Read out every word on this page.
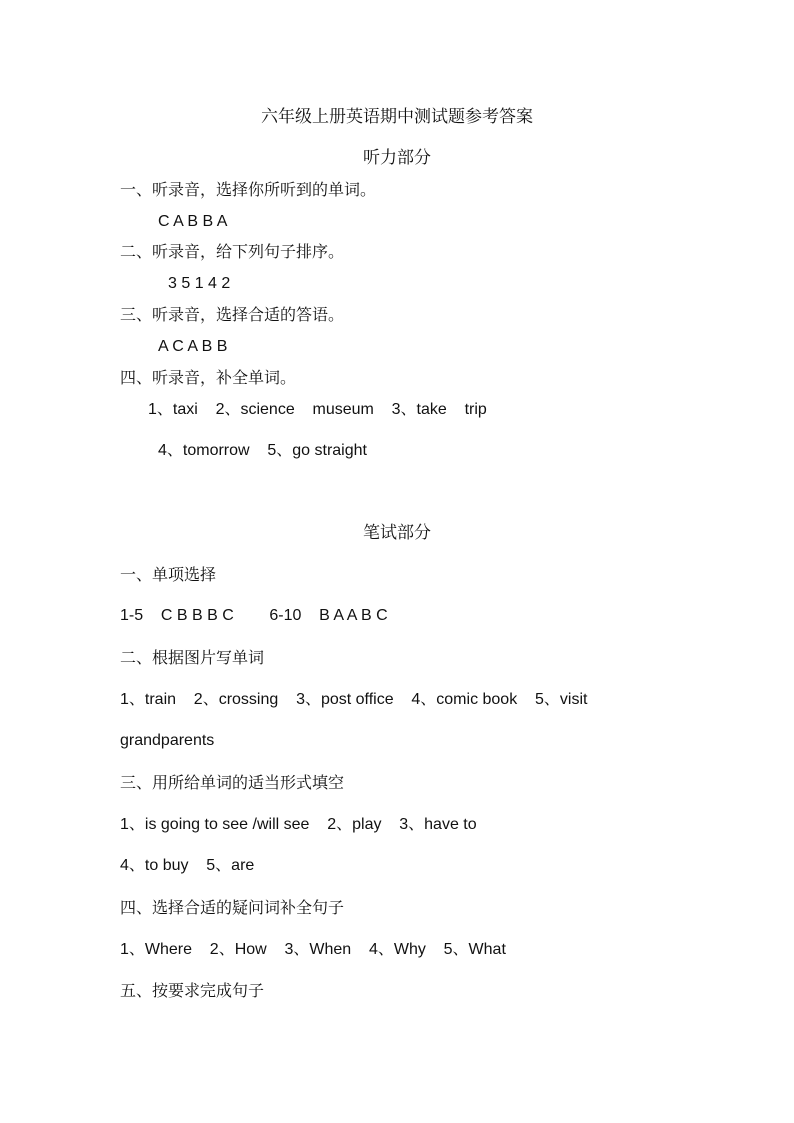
六年级上册英语期中测试题参考答案
听力部分
一、听录音，选择你所听到的单词。
C A B B A
二、听录音，给下列句子排序。
3 5 1 4 2
三、听录音，选择合适的答语。
A C A B B
四、听录音，补全单词。
1、taxi    2、science    museum    3、take    trip
4、tomorrow    5、go straight
笔试部分
一、单项选择
1-5    C B B B C        6-10    B A A B C
二、根据图片写单词
1、train    2、crossing    3、post office    4、comic book    5、visit
grandparents
三、用所给单词的适当形式填空
1、is going to see /will see    2、play    3、have to
4、to buy    5、are
四、选择合适的疑问词补全句子
1、Where    2、How    3、When    4、Why    5、What
五、按要求完成句子
